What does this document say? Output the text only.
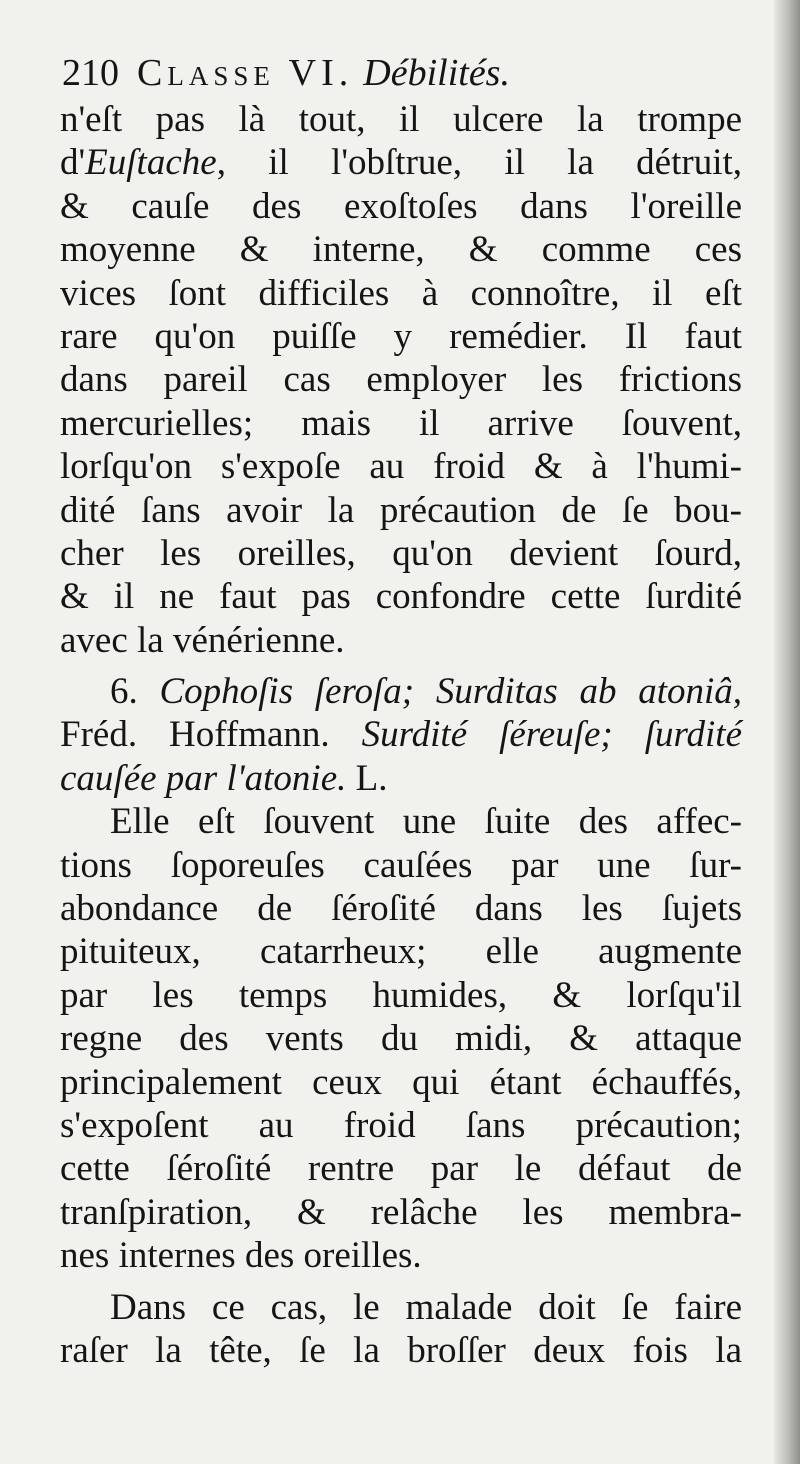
210 Classe VI. Débilités.
n'eſt pas là tout, il ulcere la trompe
d'Euſtache, il l'obſtrue, il la détruit,
& cauſe des exoſtoſes dans l'oreille
moyenne & interne, & comme ces
vices ſont difficiles à connoître, il eſt
rare qu'on puiſſe y remédier. Il faut
dans pareil cas employer les frictions
mercurielles; mais il arrive ſouvent,
lorſqu'on s'expoſe au froid & à l'humi-
dité ſans avoir la précaution de ſe bou-
cher les oreilles, qu'on devient ſourd,
& il ne faut pas confondre cette ſurdité
avec la vénérienne.
6. Cophoſis ſeroſa; Surditas ab atoniâ,
Fréd. Hoffmann. Surdité ſéreuſe; ſurdité
cauſée par l'atonie. L.
Elle eſt ſouvent une ſuite des affec-
tions ſoporeuſes cauſées par une ſur-
abondance de ſéroſité dans les ſujets
pituiteux, catarrheux; elle augmente
par les temps humides, & lorſqu'il
regne des vents du midi, & attaque
principalement ceux qui étant échauffés,
s'expoſent au froid ſans précaution;
cette ſéroſité rentre par le défaut de
tranſpiration, & relâche les membra-
nes internes des oreilles.
Dans ce cas, le malade doit ſe faire
raſer la tête, ſe la broſſer deux fois la
